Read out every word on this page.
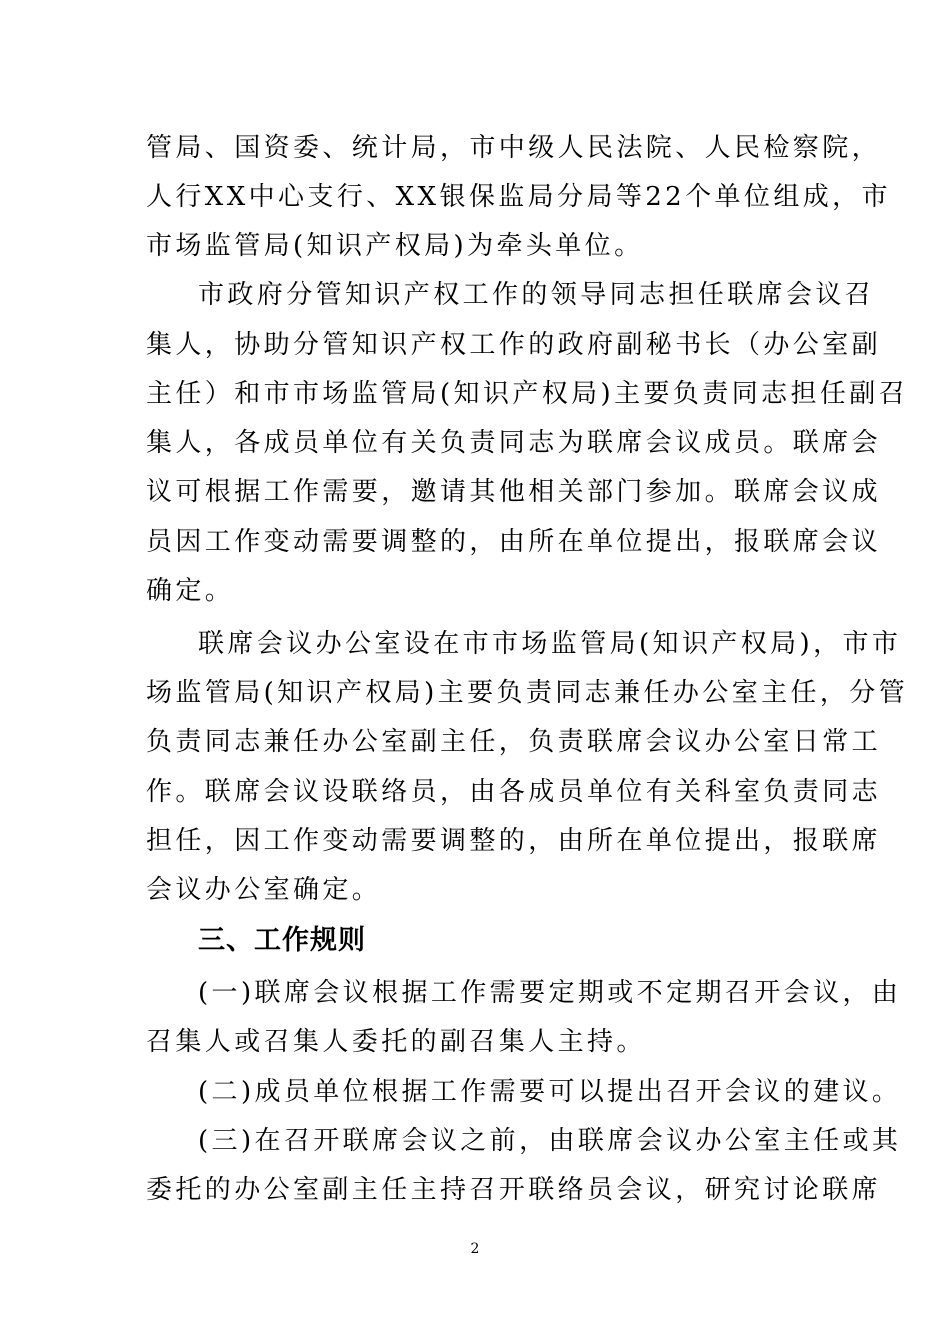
管局、国资委、统计局，市中级人民法院、人民检察院，
人行XX中心支行、XX银保监局分局等22个单位组成，市
市场监管局(知识产权局)为牵头单位。
市政府分管知识产权工作的领导同志担任联席会议召
集人，协助分管知识产权工作的政府副秘书长（办公室副
主任）和市市场监管局(知识产权局)主要负责同志担任副召
集人，各成员单位有关负责同志为联席会议成员。联席会
议可根据工作需要，邀请其他相关部门参加。联席会议成
员因工作变动需要调整的，由所在单位提出，报联席会议
确定。
联席会议办公室设在市市场监管局(知识产权局)，市市
场监管局(知识产权局)主要负责同志兼任办公室主任，分管
负责同志兼任办公室副主任，负责联席会议办公室日常工
作。联席会议设联络员，由各成员单位有关科室负责同志
担任，因工作变动需要调整的，由所在单位提出，报联席
会议办公室确定。
三、工作规则
(一)联席会议根据工作需要定期或不定期召开会议，由
召集人或召集人委托的副召集人主持。
(二)成员单位根据工作需要可以提出召开会议的建议。
(三)在召开联席会议之前，由联席会议办公室主任或其
委托的办公室副主任主持召开联络员会议，研究讨论联席
2
